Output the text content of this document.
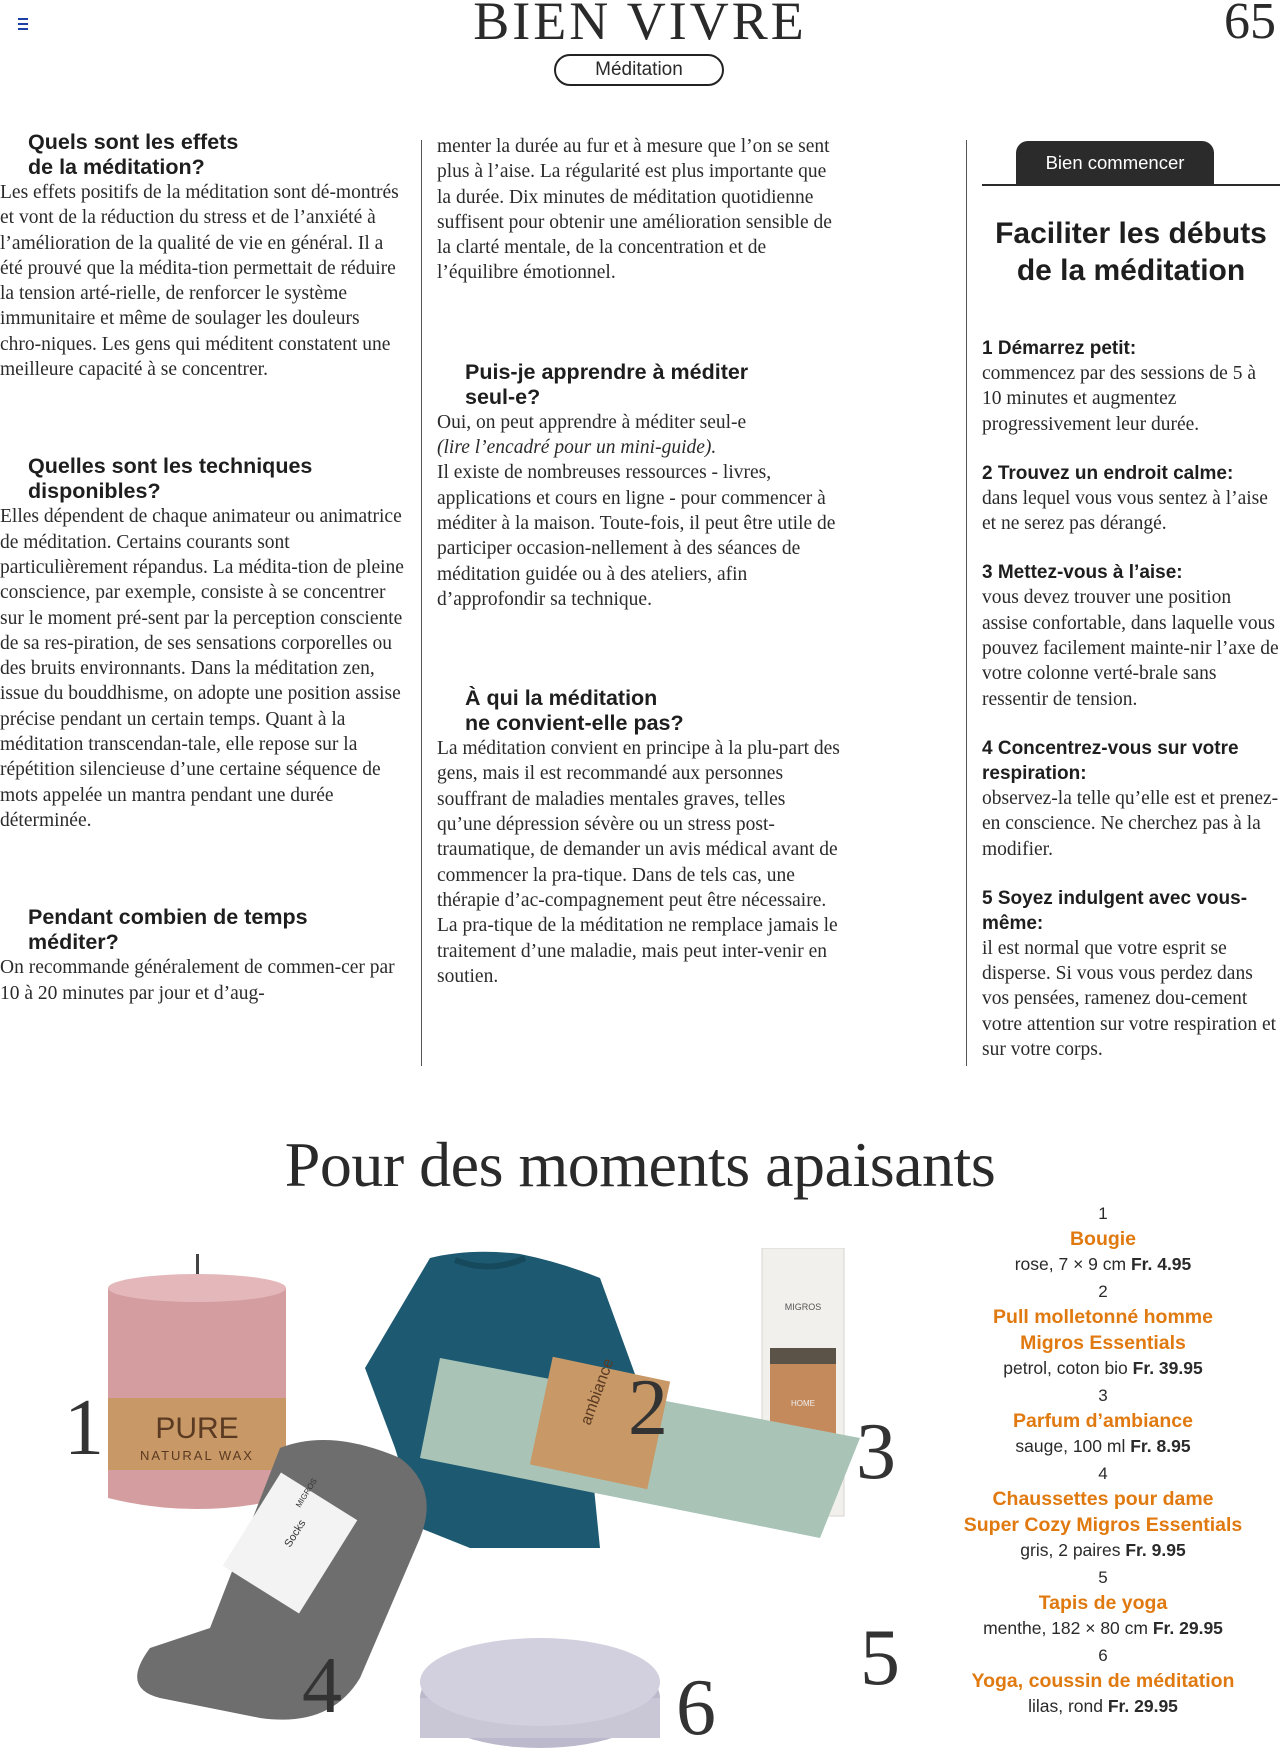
BIEN VIVRE	65
Méditation
Quels sont les effets
de la méditation?

Les effets positifs de la méditation sont dé-montrés et vont de la réduction du stress et de l’anxiété à l’amélioration de la qualité de vie en général. Il a été prouvé que la médita-tion permettait de réduire la tension arté-rielle, de renforcer le système immunitaire et même de soulager les douleurs chro-niques. Les gens qui méditent constatent une meilleure capacité à se concentrer.

Quelles sont les techniques
disponibles?

Elles dépendent de chaque animateur ou animatrice de méditation. Certains courants sont particulièrement répandus. La médita-tion de pleine conscience, par exemple, consiste à se concentrer sur le moment pré-sent par la perception consciente de sa res-piration, de ses sensations corporelles ou des bruits environnants. Dans la méditation zen, issue du bouddhisme, on adopte une position assise précise pendant un certain temps. Quant à la méditation transcendan-tale, elle repose sur la répétition silencieuse d’une certaine séquence de mots appelée un mantra pendant une durée déterminée.

Pendant combien de temps
méditer?

On recommande généralement de commen-cer par 10 à 20 minutes par jour et d’aug-

menter la durée au fur et à mesure que l’on se sent plus à l’aise. La régularité est plus importante que la durée. Dix minutes de méditation quotidienne suffisent pour obtenir une amélioration sensible de la clarté mentale, de la concentration et de l’équilibre émotionnel.

Puis-je apprendre à méditer
seul-e?

Oui, on peut apprendre à méditer seul-e
(lire l’encadré pour un mini-guide).
Il existe de nombreuses ressources - livres, applications et cours en ligne - pour commencer à méditer à la maison. Toute-fois, il peut être utile de participer occasion-nellement à des séances de méditation guidée ou à des ateliers, afin d’approfondir sa technique.

À qui la méditation
ne convient-elle pas?

La méditation convient en principe à la plu-part des gens, mais il est recommandé aux personnes souffrant de maladies mentales graves, telles qu’une dépression sévère ou un stress post-traumatique, de demander un avis médical avant de commencer la pra-tique. Dans de tels cas, une thérapie d’ac-compagnement peut être nécessaire. La pra-tique de la méditation ne remplace jamais le traitement d’une maladie, mais peut inter-venir en soutien.

Bien commencer
Faciliter les débuts
de la méditation
1 Démarrez petit:

commencez par des sessions de 5 à 10 minutes et augmentez progressivement leur durée.

2 Trouvez un endroit calme:

dans lequel vous vous sentez à l’aise et ne serez pas dérangé.

3 Mettez-vous à l’aise:

vous devez trouver une position assise confortable, dans laquelle vous pouvez facilement mainte-nir l’axe de votre colonne verté-brale sans ressentir de tension.

4 Concentrez-vous sur votre respiration:

observez-la telle qu’elle est et prenez-en conscience. Ne cherchez pas à la modifier.

5 Soyez indulgent avec vous-même:

il est normal que votre esprit se disperse. Si vous vous perdez dans vos pensées, ramenez dou-cement votre attention sur votre respiration et sur votre corps.

Pour des moments apaisants
PURE
NATURAL WAX
MIGROS
HOME
ambiance
Socks
MIGROS
1	2 3
4	5
6
1
Bougie
rose, 7 × 9 cm Fr. 4.95
2
Pull molletonné homme
Migros Essentials
petrol, coton bio Fr. 39.95
3
Parfum d’ambiance
sauge, 100 ml Fr. 8.95
4
Chaussettes pour dame
Super Cozy Migros Essentials
gris, 2 paires Fr. 9.95
5
Tapis de yoga
menthe, 182 × 80 cm Fr. 29.95
6
Yoga, coussin de méditation
lilas, rond Fr. 29.95
